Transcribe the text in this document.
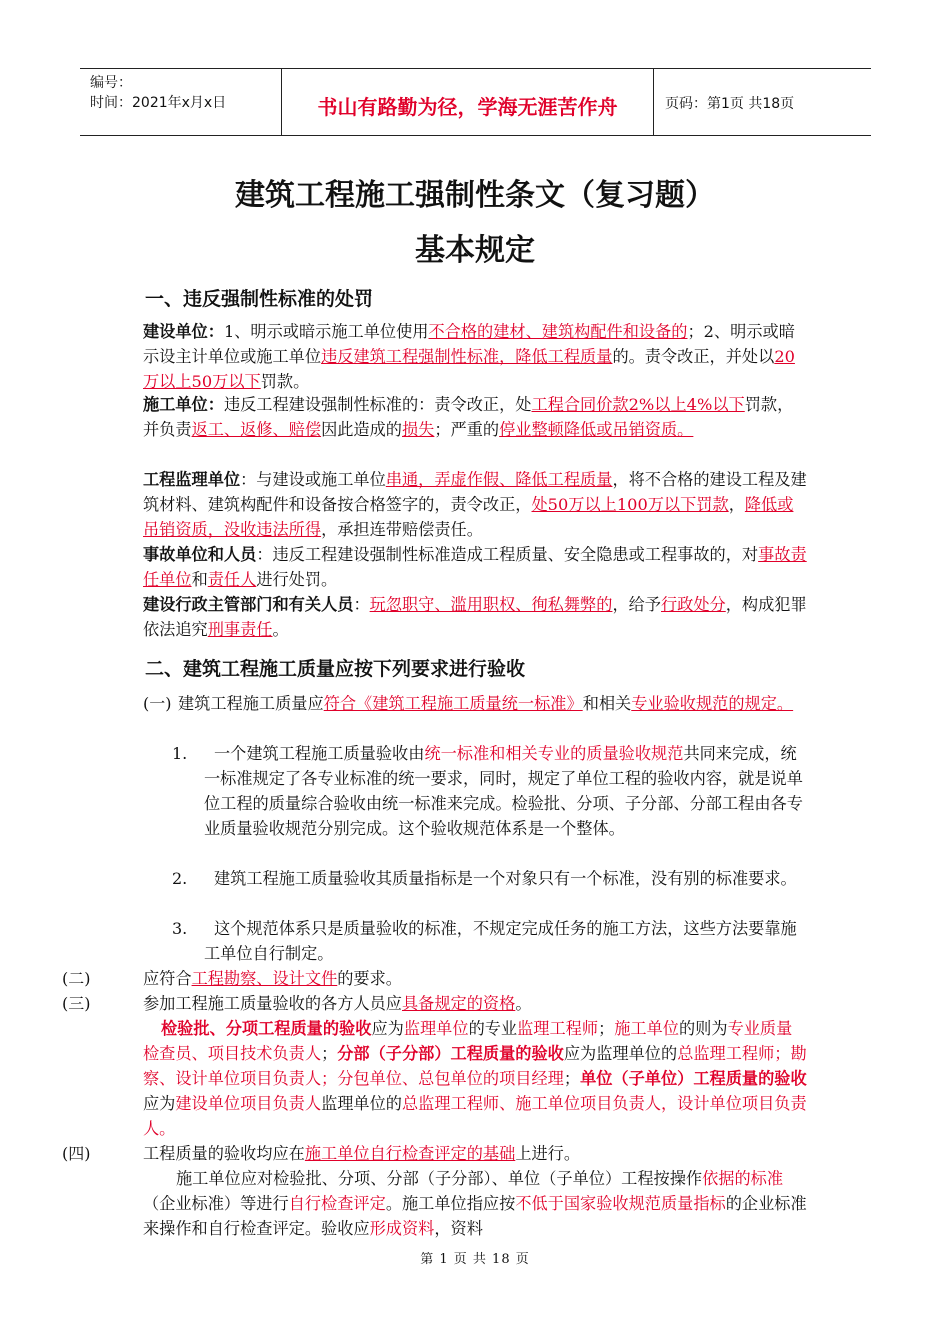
编号：
时间：2021年x月x日	书山有路勤为径，学海无涯苦作舟	页码：第1页 共18页
建筑工程施工强制性条文（复习题）
基本规定
一、违反强制性标准的处罚
建设单位：1、明示或暗示施工单位使用不合格的建材、建筑构配件和设备的；2、明示或暗示设主计单位或施工单位违反建筑工程强制性标准，降低工程质量的。责令改正，并处以20万以上50万以下罚款。
施工单位：违反工程建设强制性标准的：责令改正，处工程合同价款2%以上4%以下罚款，并负责返工、返修、赔偿因此造成的损失；严重的停业整顿降低或吊销资质。
工程监理单位：与建设或施工单位串通，弄虚作假、降低工程质量，将不合格的建设工程及建筑材料、建筑构配件和设备按合格签字的，责令改正，处50万以上100万以下罚款，降低或吊销资质，没收违法所得，承担连带赔偿责任。
事故单位和人员：违反工程建设强制性标准造成工程质量、安全隐患或工程事故的，对事故责任单位和责任人进行处罚。
建设行政主管部门和有关人员：玩忽职守、滥用职权、徇私舞弊的，给予行政处分，构成犯罪依法追究刑事责任。
二、建筑工程施工质量应按下列要求进行验收
(一) 建筑工程施工质量应符合《建筑工程施工质量统一标准》和相关专业验收规范的规定。
1.	一个建筑工程施工质量验收由统一标准和相关专业的质量验收规范共同来完成，统一标准规定了各专业标准的统一要求，同时，规定了单位工程的验收内容，就是说单位工程的质量综合验收由统一标准来完成。检验批、分项、子分部、分部工程由各专业质量验收规范分别完成。这个验收规范体系是一个整体。
2.	建筑工程施工质量验收其质量指标是一个对象只有一个标准，没有别的标准要求。
3.	这个规范体系只是质量验收的标准，不规定完成任务的施工方法，这些方法要靠施工单位自行制定。
(二)	应符合工程勘察、设计文件的要求。
(三)	参加工程施工质量验收的各方人员应具备规定的资格。
检验批、分项工程质量的验收应为监理单位的专业监理工程师；施工单位的则为专业质量检查员、项目技术负责人；分部（子分部）工程质量的验收应为监理单位的总监理工程师；勘察、设计单位项目负责人；分包单位、总包单位的项目经理；单位（子单位）工程质量的验收应为建设单位项目负责人监理单位的总监理工程师、施工单位项目负责人，设计单位项目负责人。
(四)	工程质量的验收均应在施工单位自行检查评定的基础上进行。
施工单位应对检验批、分项、分部（子分部）、单位（子单位）工程按操作依据的标准（企业标准）等进行自行检查评定。施工单位指应按不低于国家验收规范质量指标的企业标准来操作和自行检查评定。验收应形成资料，资料
第 1 页 共 18 页
